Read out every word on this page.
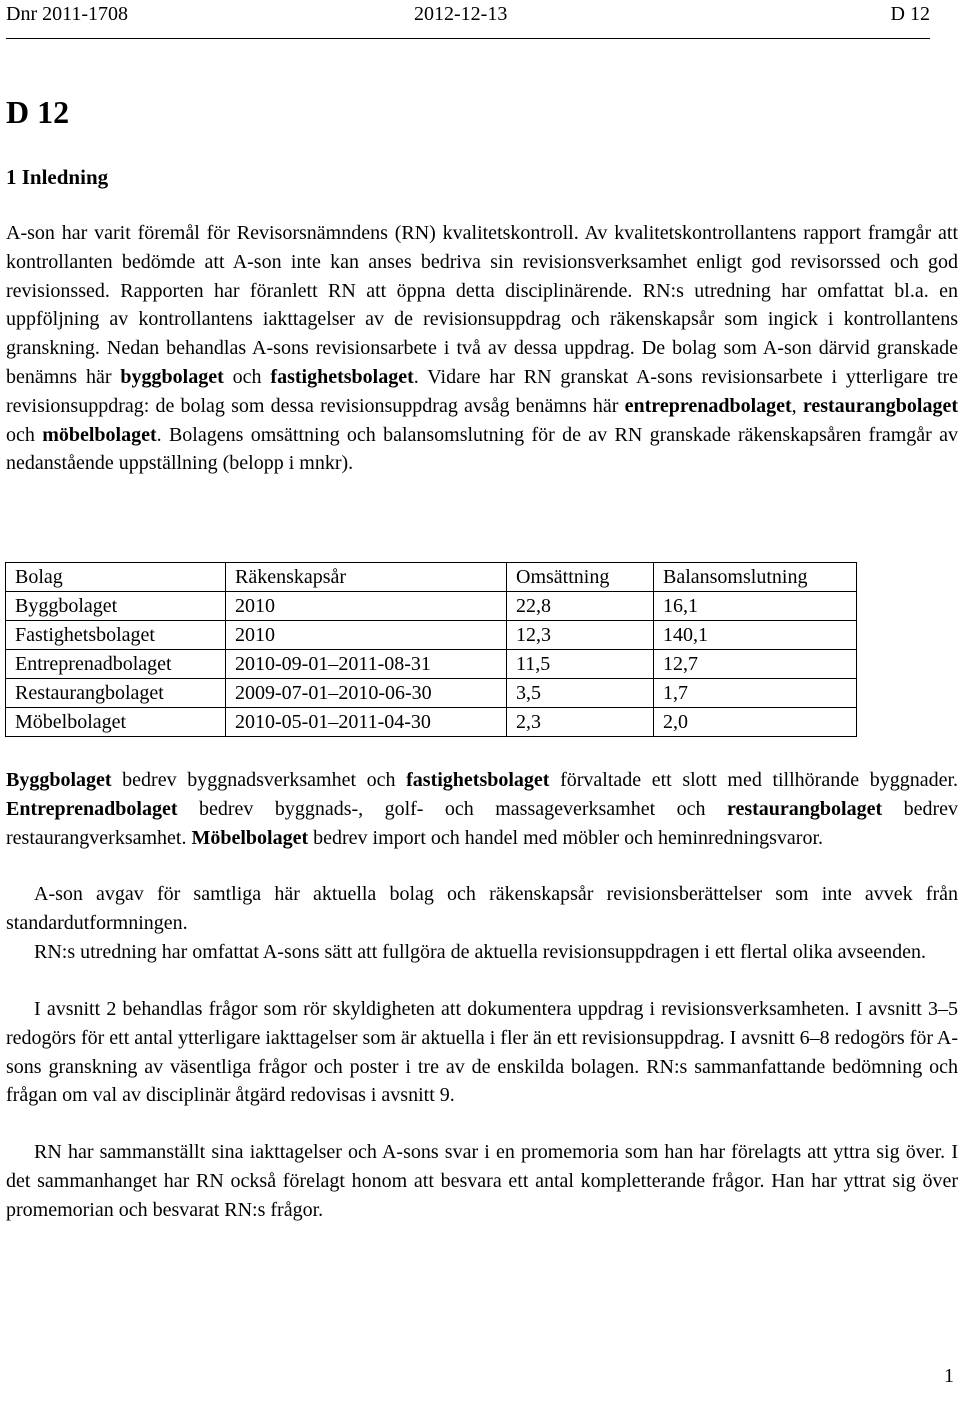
Dnr 2011-1708	2012-12-13	D 12
D 12
1 Inledning

A-son har varit föremål för Revisorsnämndens (RN) kvalitetskontroll. Av kvalitetskontrollantens rapport framgår att kontrollanten bedömde att A-son inte kan anses bedriva sin revisionsverksamhet enligt god revisorssed och god revisionssed. Rapporten har föranlett RN att öppna detta disciplinärende. RN:s utredning har omfattat bl.a. en uppföljning av kontrollantens iakttagelser av de revisionsuppdrag och räkenskapsår som ingick i kontrollantens granskning. Nedan behandlas A-sons revisionsarbete i två av dessa uppdrag. De bolag som A-son därvid granskade benämns här byggbolaget och fastighetsbolaget. Vidare har RN granskat A-sons revisionsarbete i ytterligare tre revisionsuppdrag: de bolag som dessa revisionsuppdrag avsåg benämns här entreprenadbolaget, restaurangbolaget och möbelbolaget. Bolagens omsättning och balansomslutning för de av RN granskade räkenskapsåren framgår av nedanstående uppställning (belopp i mnkr).

Bolag	Räkenskapsår	Omsättning	Balansomslutning
Byggbolaget	2010	22,8	16,1
Fastighetsbolaget	2010	12,3	140,1
Entreprenadbolaget	2010-09-01–2011-08-31	11,5	12,7
Restaurangbolaget	2009-07-01–2010-06-30	3,5	1,7
Möbelbolaget	2010-05-01–2011-04-30	2,3	2,0

Byggbolaget bedrev byggnadsverksamhet och fastighetsbolaget förvaltade ett slott med tillhörande byggnader. Entreprenadbolaget bedrev byggnads-, golf- och massageverksamhet och restaurangbolaget bedrev restaurangverksamhet. Möbelbolaget bedrev import och handel med möbler och heminredningsvaror.

A-son avgav för samtliga här aktuella bolag och räkenskapsår revisionsberättelser som inte avvek från standardutformningen.

RN:s utredning har omfattat A-sons sätt att fullgöra de aktuella revisionsuppdragen i ett flertal olika avseenden.

I avsnitt 2 behandlas frågor som rör skyldigheten att dokumentera uppdrag i revisionsverksamheten. I avsnitt 3–5 redogörs för ett antal ytterligare iakttagelser som är aktuella i fler än ett revisionsuppdrag. I avsnitt 6–8 redogörs för A-sons granskning av väsentliga frågor och poster i tre av de enskilda bolagen. RN:s sammanfattande bedömning och frågan om val av disciplinär åtgärd redovisas i avsnitt 9.

RN har sammanställt sina iakttagelser och A-sons svar i en promemoria som han har förelagts att yttra sig över. I det sammanhanget har RN också förelagt honom att besvara ett antal kompletterande frågor. Han har yttrat sig över promemorian och besvarat RN:s frågor.

1
